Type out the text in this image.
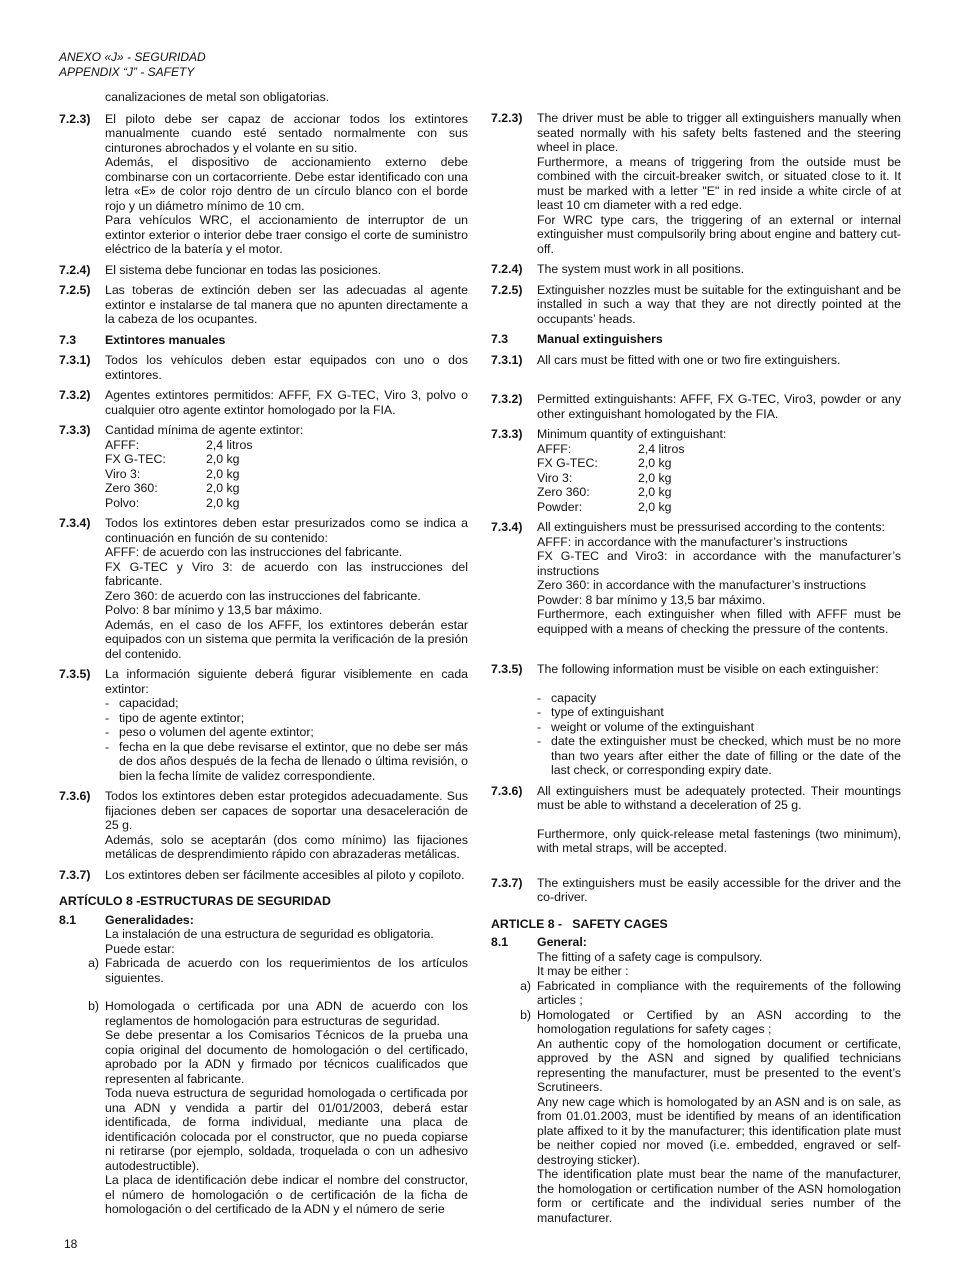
ANEXO «J» - SEGURIDAD
APPENDIX “J” - SAFETY
canalizaciones de metal son obligatorias.
7.2.3)	El piloto debe ser capaz de accionar todos los extintores manualmente cuando esté sentado normalmente con sus cinturones abrochados y el volante en su sitio.

Además, el dispositivo de accionamiento externo debe combinarse con un cortacorriente. Debe estar identificado con una letra «E» de color rojo dentro de un círculo blanco con el borde rojo y un diámetro mínimo de 10 cm.

Para vehículos WRC, el accionamiento de interruptor de un extintor exterior o interior debe traer consigo el corte de suministro eléctrico de la batería y el motor.

7.2.4)	El sistema debe funcionar en todas las posiciones.

7.2.5)	Las toberas de extinción deben ser las adecuadas al agente extintor e instalarse de tal manera que no apunten directamente a la cabeza de los ocupantes.

7.3	Extintores manuales
7.3.1)	Todos los vehículos deben estar equipados con uno o dos extintores.

7.3.2)	Agentes extintores permitidos: AFFF, FX G-TEC, Viro 3, polvo o cualquier otro agente extintor homologado por la FIA.

7.3.3)	Cantidad mínima de agente extintor:

AFFF:	2,4 litros
FX G-TEC:	2,0 kg
Viro 3:	2,0 kg
Zero 360:	2,0 kg
Polvo:	2,0 kg
7.3.4)	Todos los extintores deben estar presurizados como se indica a continuación en función de su contenido:

AFFF: de acuerdo con las instrucciones del fabricante.

FX G-TEC y Viro 3: de acuerdo con las instrucciones del fabricante.

Zero 360: de acuerdo con las instrucciones del fabricante.

Polvo: 8 bar mínimo y 13,5 bar máximo.

Además, en el caso de los AFFF, los extintores deberán estar equipados con un sistema que permita la verificación de la presión del contenido.

7.3.5)	La información siguiente deberá figurar visiblemente en cada extintor:

- capacidad;
- tipo de agente extintor;
- peso o volumen del agente extintor;
- fecha en la que debe revisarse el extintor, que no debe ser más de dos años después de la fecha de llenado o última revisión, o bien la fecha límite de validez correspondiente.
7.3.6)	Todos los extintores deben estar protegidos adecuadamente. Sus fijaciones deben ser capaces de soportar una desaceleración de 25 g.

Además, solo se aceptarán (dos como mínimo) las fijaciones metálicas de desprendimiento rápido con abrazaderas metálicas.

7.3.7)	Los extintores deben ser fácilmente accesibles al piloto y copiloto.

ARTÍCULO 8 -ESTRUCTURAS DE SEGURIDAD
8.1	Generalidades:

La instalación de una estructura de seguridad es obligatoria.

Puede estar:

a) Fabricada de acuerdo con los requerimientos de los artículos siguientes.
b) Homologada o certificada por una ADN de acuerdo con los reglamentos de homologación para estructuras de seguridad.

Se debe presentar a los Comisarios Técnicos de la prueba una copia original del documento de homologación o del certificado, aprobado por la ADN y firmado por técnicos cualificados que representen al fabricante.

Toda nueva estructura de seguridad homologada o certificada por una ADN y vendida a partir del 01/01/2003, deberá estar identificada, de forma individual, mediante una placa de identificación colocada por el constructor, que no pueda copiarse ni retirarse (por ejemplo, soldada, troquelada o con un adhesivo autodestructible).

La placa de identificación debe indicar el nombre del constructor, el número de homologación o de certificación de la ficha de homologación o del certificado de la ADN y el número de serie

7.2.3)	The driver must be able to trigger all extinguishers manually when seated normally with his safety belts fastened and the steering wheel in place.

Furthermore, a means of triggering from the outside must be combined with the circuit-breaker switch, or situated close to it. It must be marked with a letter "E" in red inside a white circle of at least 10 cm diameter with a red edge.

For WRC type cars, the triggering of an external or internal extinguisher must compulsorily bring about engine and battery cut-off.

7.2.4)	The system must work in all positions.

7.2.5)	Extinguisher nozzles must be suitable for the extinguishant and be installed in such a way that they are not directly pointed at the occupants’ heads.

7.3	Manual extinguishers
7.3.1)	All cars must be fitted with one or two fire extinguishers.

7.3.2)	Permitted extinguishants: AFFF, FX G-TEC, Viro3, powder or any other extinguishant homologated by the FIA.

7.3.3)	Minimum quantity of extinguishant:

AFFF:	2,4 litros
FX G-TEC:	2,0 kg
Viro 3:	2,0 kg
Zero 360:	2,0 kg
Powder:	2,0 kg
7.3.4)	All extinguishers must be pressurised according to the contents:

AFFF: in accordance with the manufacturer’s instructions

FX G-TEC and Viro3: in accordance with the manufacturer’s instructions

Zero 360: in accordance with the manufacturer’s instructions

Powder: 8 bar mínimo y 13,5 bar máximo.

Furthermore, each extinguisher when filled with AFFF must be equipped with a means of checking the pressure of the contents.

7.3.5)	The following information must be visible on each extinguisher:

- capacity
- type of extinguishant
- weight or volume of the extinguishant
- date the extinguisher must be checked, which must be no more than two years after either the date of filling or the date of the last check, or corresponding expiry date.
7.3.6)	All extinguishers must be adequately protected. Their mountings must be able to withstand a deceleration of 25 g.

Furthermore, only quick-release metal fastenings (two minimum), with metal straps, will be accepted.

7.3.7)	The extinguishers must be easily accessible for the driver and the co-driver.

ARTICLE 8 -   SAFETY CAGES
8.1	General:

The fitting of a safety cage is compulsory.

It may be either :

a) Fabricated in compliance with the requirements of the following articles ;
b) Homologated or Certified by an ASN according to the homologation regulations for safety cages ;

An authentic copy of the homologation document or certificate, approved by the ASN and signed by qualified technicians representing the manufacturer, must be presented to the event’s Scrutineers.

Any new cage which is homologated by an ASN and is on sale, as from 01.01.2003, must be identified by means of an identification plate affixed to it by the manufacturer; this identification plate must be neither copied nor moved (i.e. embedded, engraved or self-destroying sticker).

The identification plate must bear the name of the manufacturer, the homologation or certification number of the ASN homologation form or certificate and the individual series number of the manufacturer.

18
